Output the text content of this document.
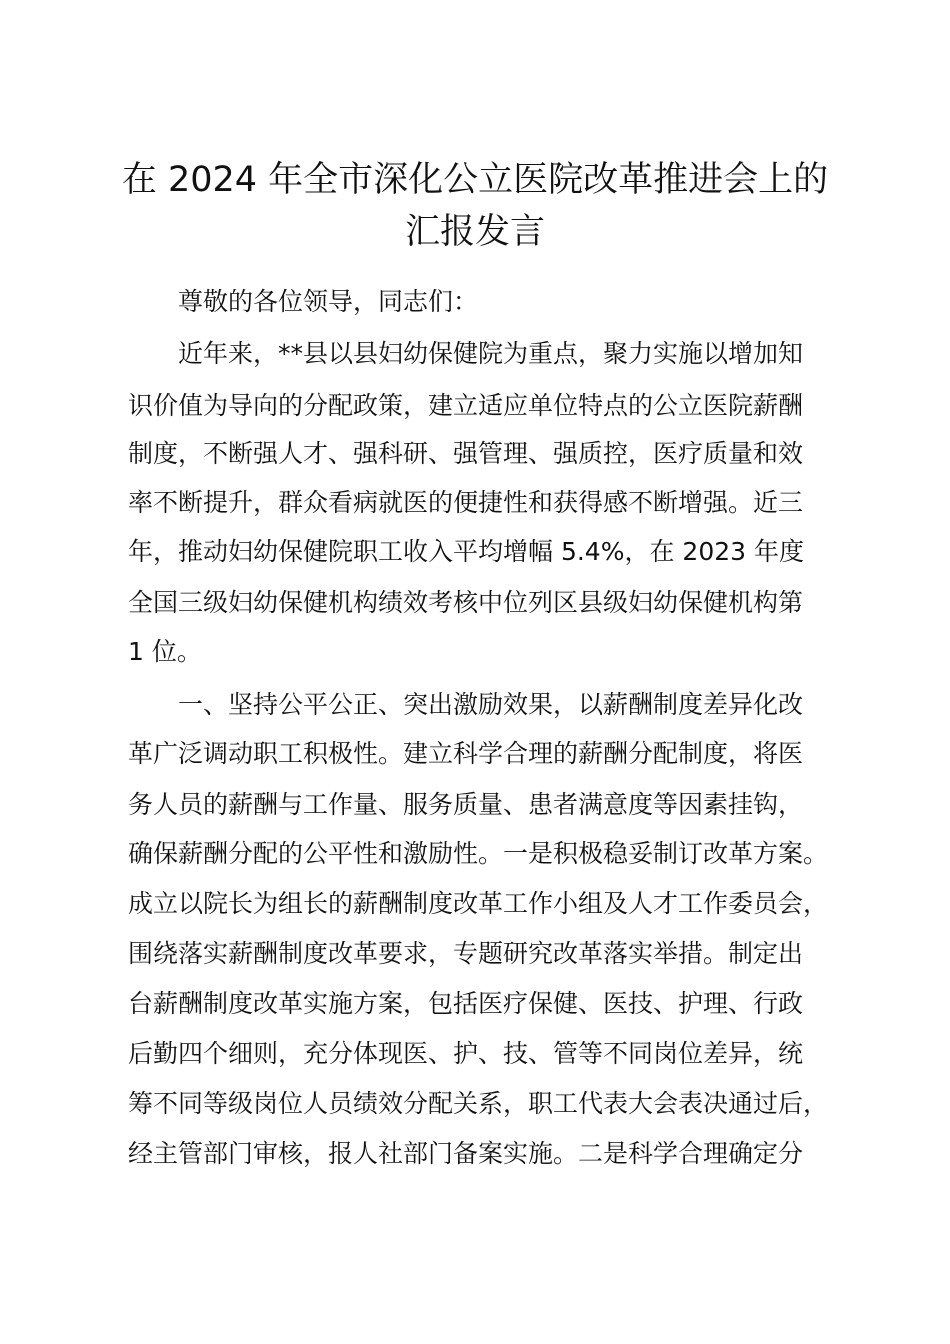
在 2024 年全市深化公立医院改革推进会上的
汇报发言
尊敬的各位领导，同志们：
近年来，**县以县妇幼保健院为重点，聚力实施以增加知
识价值为导向的分配政策，建立适应单位特点的公立医院薪酬
制度，不断强人才、强科研、强管理、强质控，医疗质量和效
率不断提升，群众看病就医的便捷性和获得感不断增强。近三
年，推动妇幼保健院职工收入平均增幅 5.4%，在 2023 年度
全国三级妇幼保健机构绩效考核中位列区县级妇幼保健机构第
1 位。
一、坚持公平公正、突出激励效果，以薪酬制度差异化改
革广泛调动职工积极性。建立科学合理的薪酬分配制度，将医
务人员的薪酬与工作量、服务质量、患者满意度等因素挂钩，
确保薪酬分配的公平性和激励性。一是积极稳妥制订改革方案。
成立以院长为组长的薪酬制度改革工作小组及人才工作委员会，
围绕落实薪酬制度改革要求，专题研究改革落实举措。制定出
台薪酬制度改革实施方案，包括医疗保健、医技、护理、行政
后勤四个细则，充分体现医、护、技、管等不同岗位差异，统
筹不同等级岗位人员绩效分配关系，职工代表大会表决通过后，
经主管部门审核，报人社部门备案实施。二是科学合理确定分
